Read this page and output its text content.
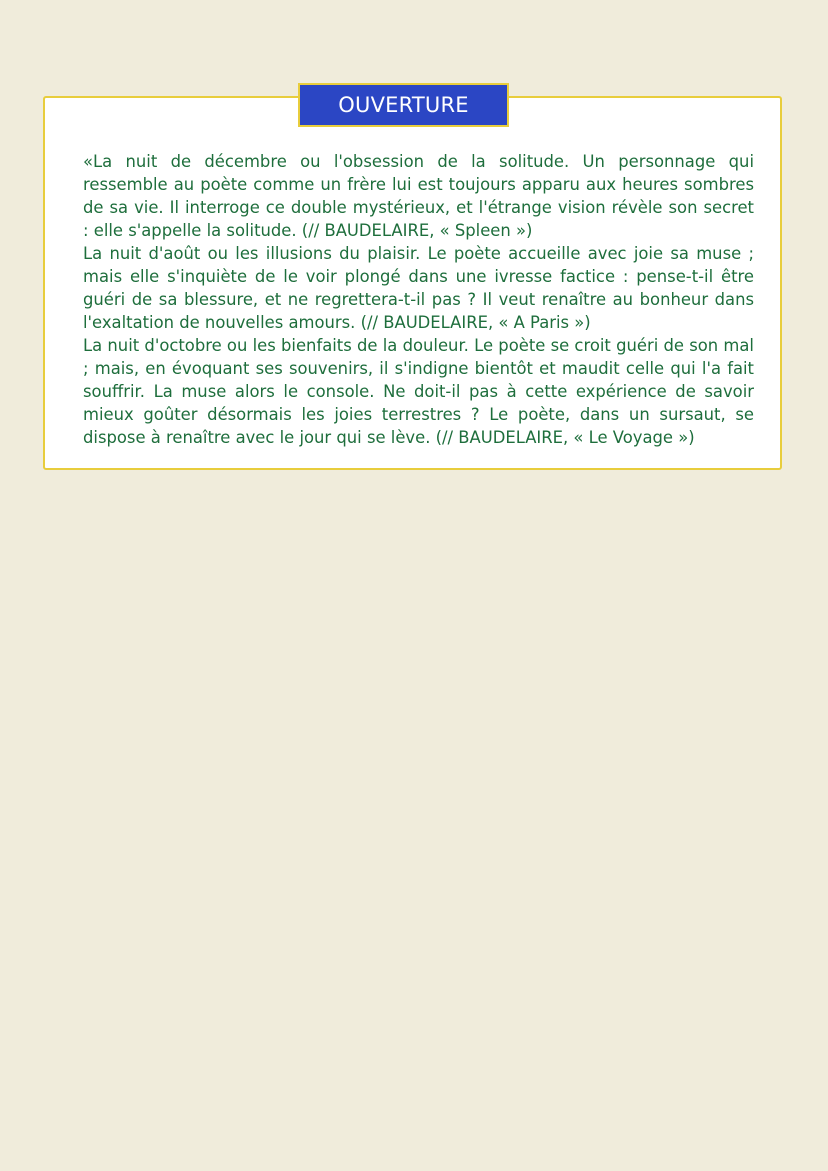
OUVERTURE

«La nuit de décembre ou l'obsession de la solitude. Un personnage qui ressemble au poète comme un frère lui est toujours apparu aux heures sombres de sa vie. Il interroge ce double mystérieux, et l'étrange vision révèle son secret : elle s'appelle la solitude. (// BAUDELAIRE, « Spleen »)

La nuit d'août ou les illusions du plaisir. Le poète accueille avec joie sa muse ; mais elle s'inquiète de le voir plongé dans une ivresse factice : pense-t-il être guéri de sa blessure, et ne regrettera-t-il pas ? Il veut renaître au bonheur dans l'exaltation de nouvelles amours. (// BAUDELAIRE, « A Paris »)

La nuit d'octobre ou les bienfaits de la douleur. Le poète se croit guéri de son mal ; mais, en évoquant ses souvenirs, il s'indigne bientôt et maudit celle qui l'a fait souffrir. La muse alors le console. Ne doit-il pas à cette expérience de savoir mieux goûter désormais les joies terrestres ? Le poète, dans un sursaut, se dispose à renaître avec le jour qui se lève. (// BAUDELAIRE, « Le Voyage »)
